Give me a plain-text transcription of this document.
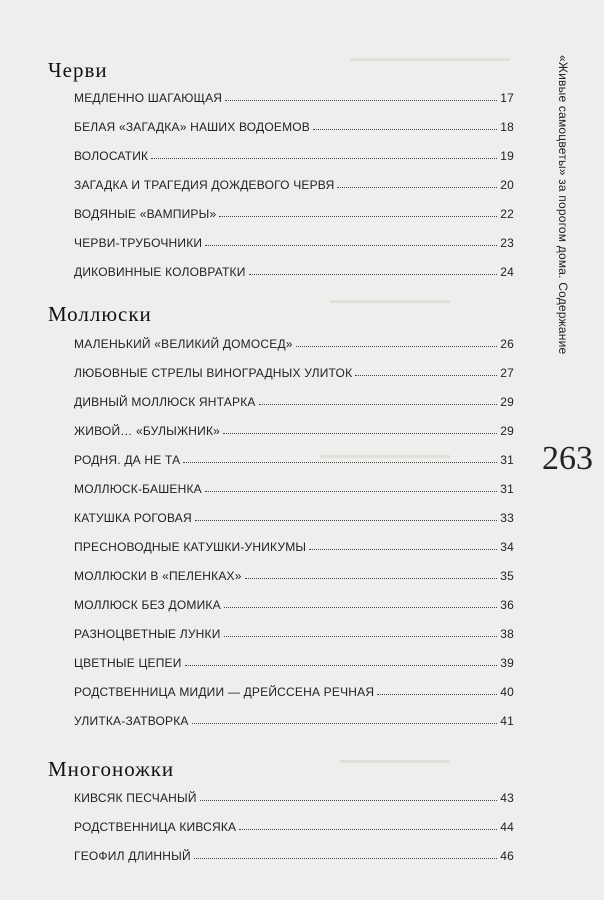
Черви
МЕДЛЕННО ШАГАЮЩАЯ	17
БЕЛАЯ «ЗАГАДКА» НАШИХ ВОДОЕМОВ	18
ВОЛОСАТИК	19
ЗАГАДКА И ТРАГЕДИЯ ДОЖДЕВОГО ЧЕРВЯ	20
ВОДЯНЫЕ «ВАМПИРЫ»	22
ЧЕРВИ-ТРУБОЧНИКИ	23
ДИКОВИННЫЕ КОЛОВРАТКИ	24
Моллюски
МАЛЕНЬКИЙ «ВЕЛИКИЙ ДОМОСЕД»	26
ЛЮБОВНЫЕ СТРЕЛЫ ВИНОГРАДНЫХ УЛИТОК	27
ДИВНЫЙ МОЛЛЮСК ЯНТАРКА	29
ЖИВОЙ… «БУЛЫЖНИК»	29
РОДНЯ. ДА НЕ ТА	31
МОЛЛЮСК-БАШЕНКА	31
КАТУШКА РОГОВАЯ	33
ПРЕСНОВОДНЫЕ КАТУШКИ-УНИКУМЫ	34
МОЛЛЮСКИ В «ПЕЛЕНКАХ»	35
МОЛЛЮСК БЕЗ ДОМИКА	36
РАЗНОЦВЕТНЫЕ ЛУНКИ	38
ЦВЕТНЫЕ ЦЕПЕИ	39
РОДСТВЕННИЦА МИДИИ — ДРЕЙССЕНА РЕЧНАЯ	40
УЛИТКА-ЗАТВОРКА	41
Многоножки
КИВСЯК ПЕСЧАНЫЙ	43
РОДСТВЕННИЦА КИВСЯКА	44
ГЕОФИЛ ДЛИННЫЙ	46
«Живые самоцветы» за порогом дома. Содержание
263
